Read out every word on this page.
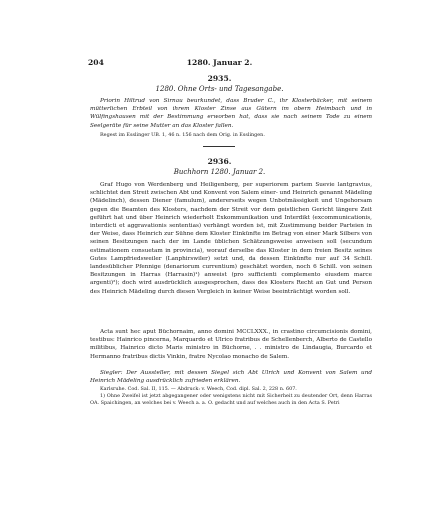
204	1280. Januar 2.
2935.
1280. Ohne Orts- und Tagesangabe.
Priorin Hiltrud von Sirnau beurkundet, dass Bruder C., ihr Klosterbäcker, mit seinem mütterlichen Erbteil von ihrem Kloster Zinse aus Gütern im obern Heimbach und in Wülfingshausen mit der Bestimmung erworben hat, dass sie nach seinem Tode zu einem Seelgeräte für seine Mutter an das Kloster fallen.
Regest im Esslinger UB. 1, 46 n. 156 nach dem Orig. in Esslingen.
2936.
Buchhorn 1280. Januar 2.
Graf Hugo von Werdenberg und Heiligenberg, per superiorem partem Suevie lantgravius, schlichtet den Streit zwischen Abt und Konvent von Salem einer- und Heinrich genannt Mädeling (Mädelinch), dessen Diener (famulum), andererseits wegen Unbotmässigkeit und Ungehorsam gegen die Beamten des Klosters, nachdem der Streit vor dem geistlichen Gericht längere Zeit geführt hat und über Heinrich wiederholt Exkommunikation und Interdikt (excommunicationis, interdicti et aggravationis sententias) verhängt worden ist, mit Zustimmung beider Parteien in der Weise, dass Heinrich zur Sühne dem Kloster Einkünfte im Betrag von einer Mark Silbers von seinen Besitzungen nach der im Lande üblichen Schätzungsweise anweisen soll (secundum estimationem consuetam in provincia), worauf derselbe das Kloster in dem freien Besitz seines Gutes Lampfriedsweiler (Lanphirswiler) setzt und, da dessen Einkünfte nur auf 34 Schill. landesüblicher Pfennige (denariorum currentium) geschätzt worden, noch 6 Schill. von seinen Besitzungen in Harras (Harrasin)¹) anweist (pro sufficienti complemento eiusdem marce argenti)²); doch wird ausdrücklich ausgesprochen, dass des Klosters Recht an Gut und Person des Heinrich Mädeling durch diesen Vergleich in keiner Weise beeinträchtigt worden soll.
Acta sunt hec aput Büchornaim, anno domini MCCLXXX., in crastino circumcisionis domini, testibus: Hainrico pincerna, Marquardo et Ulrico fratribus de Schellenberch, Alberto de Castello militibus, Hainrico dicto Maris ministro in Büchorne, . . ministro de Lindaugia, Burcardo et Hermanno fratribus dictis Vinkin, fratre Nycolao monacho de Salem.
Siegler: Der Aussteller, mit dessen Siegel sich Abt Ulrich und Konvent von Salem und Heinrich Mädeling ausdrücklich zufrieden erklären.
Karlsruhe. Cod. Sal. II, 115. — Abdruck: v. Weech, Cod. dipl. Sal. 2, 228 n. 607.
1) Ohne Zweifel ist jetzt abgegangener oder wenigstens nicht mit Sicherheit zu deutender Ort, denn Harras OA. Spaichingen, an welches bei v. Weech a. a. O. gedacht und auf welches auch in den Acta S. Petri
